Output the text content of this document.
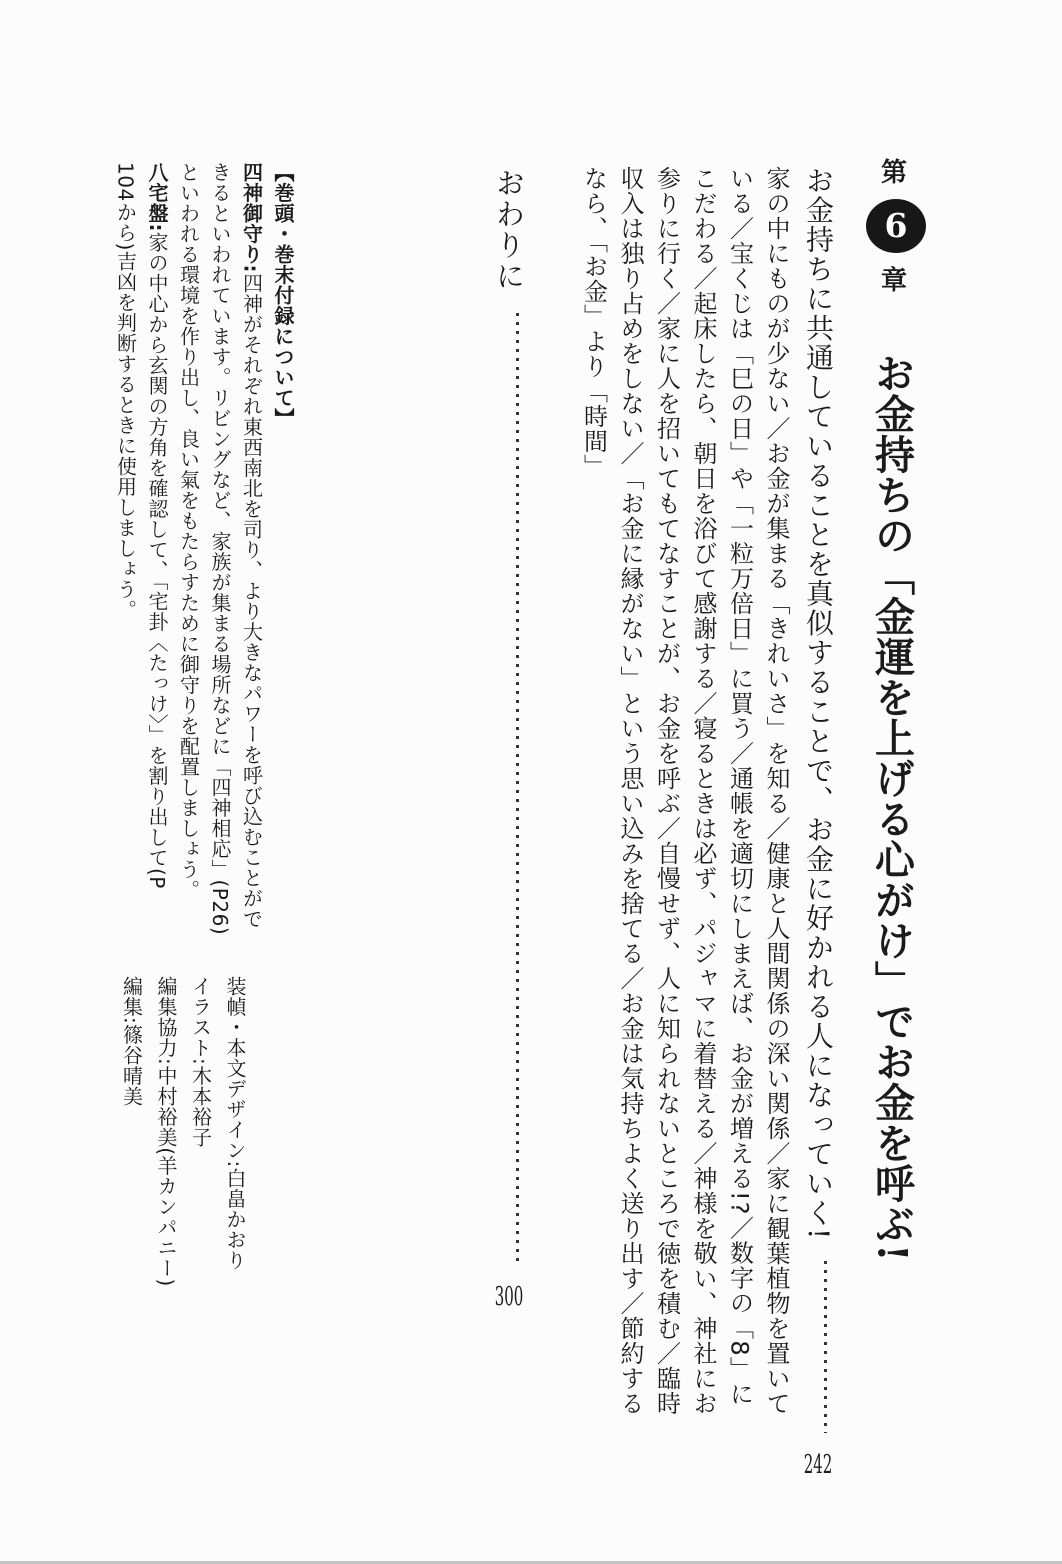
第 6 章 お金持ちの「金運を上げる心がけ」でお金を呼ぶ!
お金持ちに共通していることを真似することで、お金に好かれる人になっていく!  242
家の中にものが少ない／お金が集まる「きれいさ」を知る／健康と人間関係の深い関係／家に観葉植物を置いて
いる／宝くじは「巳の日」や「一粒万倍日」に買う／通帳を適切にしまえば、お金が増える!?／数字の「8」に
こだわる／起床したら、朝日を浴びて感謝する／寝るときは必ず、パジャマに着替える／神様を敬い、神社にお
参りに行く／家に人を招いてもてなすことが、お金を呼ぶ／自慢せず、人に知られないところで徳を積む／臨時
収入は独り占めをしない／「お金に縁がない」という思い込みを捨てる／お金は気持ちよく送り出す／節約する
なら、「お金」より「時間」
おわりに  300
【巻頭・巻末付録について】
四神御守り:四神がそれぞれ東西南北を司り、より大きなパワーを呼び込むことがで
きるといわれています。リビングなど、家族が集まる場所などに「四神相応」(P26)
といわれる環境を作り出し、良い氣をもたらすために御守りを配置しましょう。
八宅盤:家の中心から玄関の方角を確認して、「宅卦〈たっけ〉」を割り出して(P
104から)吉凶を判断するときに使用しましょう。
装幀・本文デザイン:白畠かおり
イラスト:木本裕子
編集協力:中村裕美(羊カンパニー)
編集:篠谷晴美
